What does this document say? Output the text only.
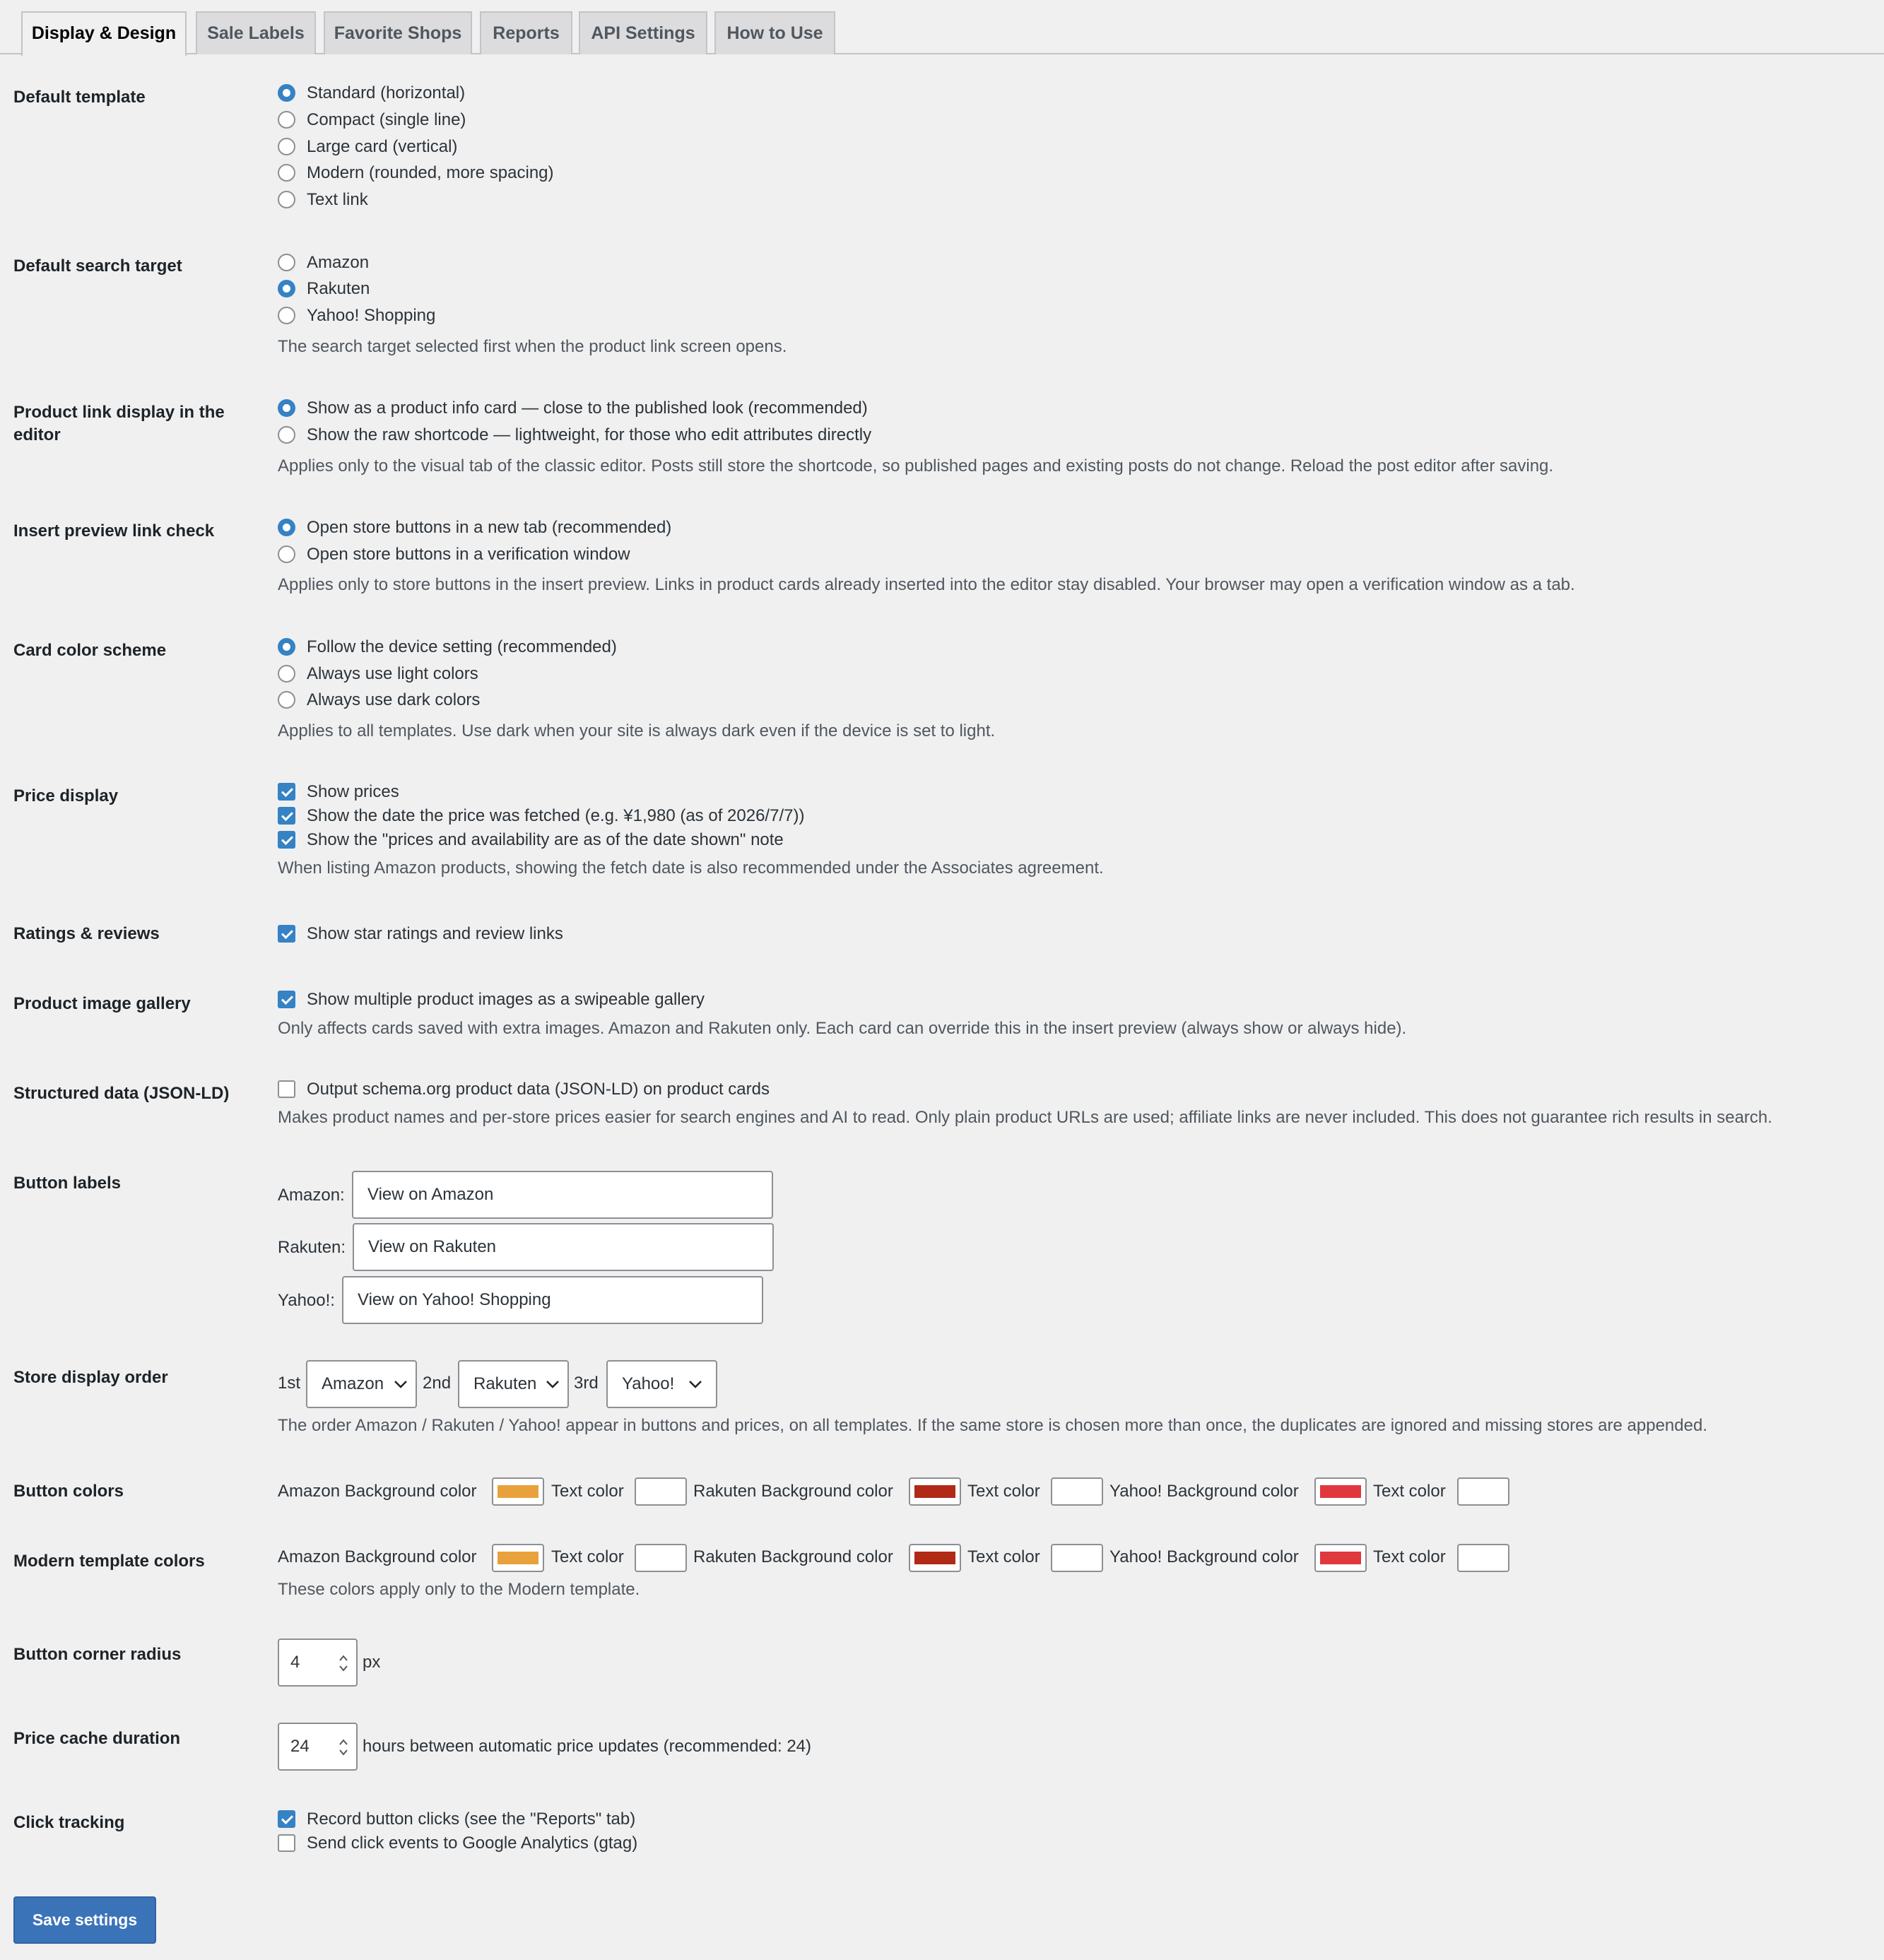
Display & Design	Sale Labels	Favorite Shops	Reports	API Settings	How to Use
Default template	Standard (horizontal)
Compact (single line)
Large card (vertical)
Modern (rounded, more spacing)
Text link
Default search target	Amazon
Rakuten
Yahoo! Shopping
The search target selected first when the product link screen opens.
Product link display in the editor
Show as a product info card — close to the published look (recommended)
Show the raw shortcode — lightweight, for those who edit attributes directly
Applies only to the visual tab of the classic editor. Posts still store the shortcode, so published pages and existing posts do not change. Reload the post editor after saving.
Insert preview link check	Open store buttons in a new tab (recommended)
Open store buttons in a verification window
Applies only to store buttons in the insert preview. Links in product cards already inserted into the editor stay disabled. Your browser may open a verification window as a tab.
Card color scheme	Follow the device setting (recommended)
Always use light colors
Always use dark colors
Applies to all templates. Use dark when your site is always dark even if the device is set to light.
Price display	Show prices
Show the date the price was fetched (e.g. ¥1,980 (as of 2026/7/7))
Show the "prices and availability are as of the date shown" note
When listing Amazon products, showing the fetch date is also recommended under the Associates agreement.
Ratings & reviews	Show star ratings and review links
Product image gallery	Show multiple product images as a swipeable gallery
Only affects cards saved with extra images. Amazon and Rakuten only. Each card can override this in the insert preview (always show or always hide).
Structured data (JSON-LD)	Output schema.org product data (JSON-LD) on product cards
Makes product names and per-store prices easier for search engines and AI to read. Only plain product URLs are used; affiliate links are never included. This does not guarantee rich results in search.
Button labels
Amazon:	View on Amazon
Rakuten:	View on Rakuten
Yahoo!:	View on Yahoo! Shopping
Store display order	1st	Amazon	2nd	Rakuten	3rd	Yahoo!
The order Amazon / Rakuten / Yahoo! appear in buttons and prices, on all templates. If the same store is chosen more than once, the duplicates are ignored and missing stores are appended.
Button colors	Amazon Background color	Text color	Rakuten Background color	Text color	Yahoo! Background color	Text color
Modern template colors	Amazon Background color	Text color	Rakuten Background color	Text color	Yahoo! Background color	Text color
These colors apply only to the Modern template.
Button corner radius	4	px
Price cache duration	24	hours between automatic price updates (recommended: 24)
Click tracking	Record button clicks (see the "Reports" tab)
Send click events to Google Analytics (gtag)
Save settings
